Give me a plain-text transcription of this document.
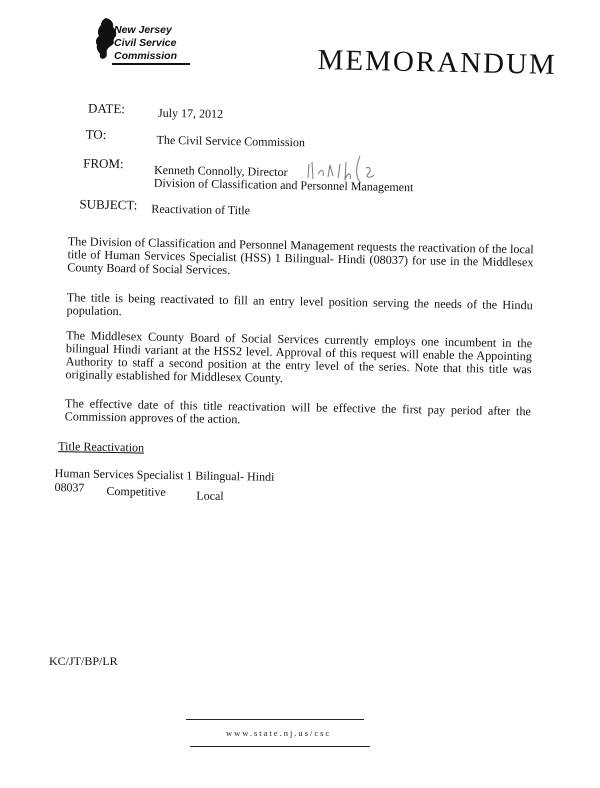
New Jersey
Civil Service
Commission	MEMORANDUM
DATE:	July 17, 2012
TO:	The Civil Service Commission
FROM:	Kenneth Connolly, Director
Division of Classification and Personnel Management
SUBJECT: Reactivation of Title
The Division of Classification and Personnel Management requests the reactivation of the local title of Human Services Specialist (HSS) 1 Bilingual- Hindi (08037) for use in the Middlesex County Board of Social Services.
The title is being reactivated to fill an entry level position serving the needs of the Hindu population.
The Middlesex County Board of Social Services currently employs one incumbent in the bilingual Hindi variant at the HSS2 level. Approval of this request will enable the Appointing Authority to staff a second position at the entry level of the series. Note that this title was originally established for Middlesex County.
The effective date of this title reactivation will be effective the first pay period after the Commission approves of the action.
Title Reactivation
Human Services Specialist 1 Bilingual- Hindi
08037 Competitive	Local
KC/JT/BP/LR
www.state.nj.us/csc
